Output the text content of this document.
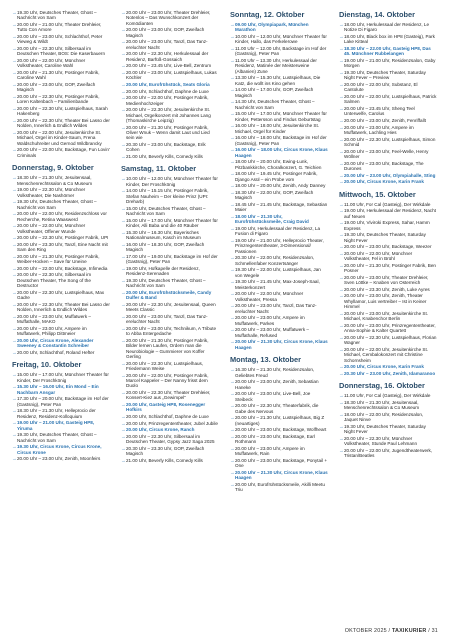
→ 19.30 Uhr, Deutsches Theater, Ghost – Nachricht von Sam
→ 20.00 Uhr – 21.00 Uhr, Theater Drehleier, Tutto Con Amore
→ 20.00 Uhr – 23.00 Uhr, Schlachthof, Peter Vieweg & Wildt
→ 20.00 Uhr – 22.30 Uhr, Silbersaal im Deutschen Theater, BOS: Die Kaserbauern
→ 20.00 Uhr – 22.00 Uhr, Münchner Volkstheater, Caroline Wahl
→ 20.00 Uhr – 21.30 Uhr, Postinger Fabrik, Caroline Wahl
→ 20.00 Uhr – 23.00 Uhr, GOP, Zweifach Magisch
→ 20.00 Uhr – 22.30 Uhr, Postinger Fabrik, Loren Kaltenbach – Familienbande
→ 20.00 Uhr – 22.30 Uhr, Lustspielhaus, Sarah Hakenberg
→ 20.00 Uhr – 22.30 Uhr, Theater Bei Lasso der Nolden, Innerlich & Endlich Wildes
→ 20.00 Uhr – 22.00 Uhr, Jesuitenkirche St. Michael, Orgel im Kinder-Saum, Frena Waldschuhreiter und Gernod Wildbrancky
→ 20.00 Uhr – 22.00 Uhr, Backstage, Fun Lovin' Criminals
Donnerstag, 9. Oktober
→ 18.30 Uhr – 21.30 Uhr, Jesuitensaal, Menschenrechtssalon & Co Museum
→ 19.00 Uhr – 22.30 Uhr, Münchner Volkstheater, Die Nashörner
→ 19.30 Uhr, Deutsches Theater, Ghost – Nachricht von Sam
→ 20.00 Uhr – 22.00 Uhr, Residenzschloss vor Recherche, Retina Waaswerd
→ 20.00 Uhr – 22.00 Uhr, Münchner Volkstheater, Offener Wunde
→ 20.00 Uhr – 22.30 Uhr, Postinger Fabrik, UPI
→ 20.00 Uhr – 23.30 Uhr, Tanzl, Eine Nacht mit Sam den Ring
→ 20.00 Uhr – 21.30 Uhr, Postinger Fabrik, Weiber-Hocken – Save für Uneine
→ 20.00 Uhr – 22.00 Uhr, Backstage, Infimedia
→ 20.00 Uhr – 22.30 Uhr, Silbersaal im Deutschen Theater, The Song of the Destructor
→ 20.00 Uhr – 22.30 Uhr, Lustspielhaus, Max Gadre
→ 20.00 Uhr – 22.30 Uhr, Theater Bei Lasso der Nolden, Innerlich & Endlich Wildes
→ 20.00 Uhr – 23.00 Uhr, Muffatwerk – Muffathalle, MAKO
→ 20.00 Uhr – 23.00 Uhr, Ampere im Muffatwerk, Philipp Dittmeier
→ 20.00 Uhr, Circus Krone, Alexander Sweeney & Constantin Schreiber
→ 20.00 Uhr, Schlachthof, Roland Hefter
Freitag, 10. Oktober
→ 15.00 Uhr – 17.00 Uhr, Münchner Theater für Kinder, Der Froschkönig
→ 15.30 Uhr – 16.00 Uhr, Ein Mond – Ein Nachbarn Ansgar
→ 17.30 Uhr – 20.00 Uhr, Backstage im Hof der (Gastsnig), Peter Pan
→ 18.30 Uhr – 21.30 Uhr, Helleprocio der Residenz, Residenz-Kolloquium
→ 19.00 Uhr – 21.00 Uhr, Gasteig HP8, Yiruma
→ 19.30 Uhr, Deutsches Theater, Ghost – Nachricht von Sam
→ 19.30 Uhr, Circus Krone, Circus Krone, Circus Krone
→ 20.00 Uhr – 23.00 Uhr, Zenith, Moonfeirs
→ 20.00 Uhr – 23.00 Uhr, Theater Drehleier, Notenlos – Das Wunschkonzert der Komödianten
→ 20.00 Uhr – 23.00 Uhr, GOP, Zweifach Magisch
→ 20.00 Uhr – 23.00 Uhr, Tanzl, Das Tanz-ereluchter Nacht
→ 20.00 Uhr – 22.30 Uhr, Herkulessaal der Residenz, Barfüß-Gossaich
→ 20.00 Uhr – 23.45 Uhr, Live-Bell, Zentrum
→ 20.00 Uhr – 23.00 Uhr, Lustspielhaus, Lukas Köchler
→ 20.00 Uhr, Eurofrühstück, Seats Gloria
→ 20.00 Uhr, Schlachthof, Daphne de Luxe
→ 20.00 Uhr – 22.00 Uhr, Postinger Fabrik, Medienhochzeiger
→ 20.00 Uhr – 22.30 Uhr, Jesuitenkirche St. Michael, Orgelkonzert mit Johannes Lang (Thomaskirche Leipzig)
→ 20.00 Uhr – 21.30 Uhr, Postinger Fabrik, Oliver Wnuk – Wenn damit Laut und Lied sein wie
→ 20.30 Uhr – 23.00 Uhr, Backstage, Erik Cohen
→ 21.00 Uhr, Beverly Kills, Comedy Kills
Samstag, 11. Oktober
→ 10.00 Uhr – 12.00 Uhr, Münchner Theater für Kinder, Der Froschkönig
→ 14.00 Uhr – 15.15 Uhr, Postinger Fabrik, Stefan Nauheim – Der kleine Prinz (UPI: Dreharb)
→ 15.00 Uhr, Deutsches Theater, Ghost – Nachricht von Sam
→ 15.00 Uhr – 17.00 Uhr, Münchner Theater für Kinder, Alli Baba und die 40 Räuber
→ 15.30 Uhr – 16.30 Uhr, Bayerisches Nationalmuseum, Kasch im Museum
→ 16.00 Uhr – 18.30 Uhr, GOP, Zweifach Magisch
→ 17.00 Uhr – 19.00 Uhr, Backstage im Hof der (Gastsnig), Peter Pan
→ 19.00 Uhr, Hofkapelle der Residenz, Residenz-Serenaden
→ 19.30 Uhr, Deutsches Theater, Ghost – Nachricht von Sam
→ 20.00 Uhr, Eurofrühstücksmeile, Candy Dulfer & Band
→ 20.00 Uhr – 22.30 Uhr, Jesuitensaal, Queen Meets Classic
→ 20.00 Uhr – 23.00 Uhr, Tanzl, Das Tanz-ereluchter Nacht
→ 20.00 Uhr – 23.00 Uhr, Technikum, A Tribute to Abba Entergedache
→ 20.00 Uhr – 21.30 Uhr, Postinger Fabrik, Bilder lernen Laufen, Ordern man die Neurobiologie – Gummierer von Koffer Gerling
→ 20.00 Uhr – 22.30 Uhr, Lustspielhaus, Friedemann Weise
→ 20.00 Uhr – 22.00 Uhr, Postinger Fabrik, Marcel Kappeler – Der Nanny frisst dem Duolo
→ 20.00 Uhr – 22.30 Uhr, Theater Drehleier, Konsert-Kiez aus „Gewimpel“
→ 20.00 Uhr, Gasteig HP8, Rosenegger Hofkirs
→ 20.00 Uhr, Schlachthof, Daphne de Luxe
→ 20.00 Uhr, Prinzregententheater, Jubel Jubile
→ 20.00 Uhr, Circus Krone, Ranch
→ 20.00 Uhr – 22.30 Uhr, Silbersaal im Deutschen Theater, Gypsy Jazz Saga 2025
→ 20.30 Uhr – 23.30 Uhr, GOP, Zweifach Magisch
→ 21.00 Uhr, Beverly Kills, Comedy Kills
Sonntag, 12. Oktober
→ 09.00 Uhr, Olympiapark, München Marathon
→ 10.00 Uhr – 12.00 Uhr, Münchner Theater für Kinder, Hallo, das Ferkelerowe
→ 11.00 Uhr – 12.00 Uhr, Backstage im Hof der (Gastsnig), Peter Pan
→ 11.00 Uhr – 13.30 Uhr, Herkulessaal der Residenz, Matinée der Meisterweine (Albanien) Zune
→ 13.30 Uhr – 15.30 Uhr, Lustspielhaus, Die Katz, die wollt ins Kino gehen
→ 14.00 Uhr – 17.00 Uhr, GOP, Zweifach Magisch
→ 14.30 Uhr, Deutsches Theater, Ghost – Nachricht von Sam
→ 15.00 Uhr – 17.00 Uhr, Münchner Theater für Kinder, Pettersson und Findus Geburtstag
→ 16.00 Uhr – 18.00 Uhr, Jesuitenkirche St. Michael, Orgel für Kinder
→ 16.00 Uhr – 18.00 Uhr, Backstage im Hof der (Gastsnig), Peter Pan
→ 16.00 Uhr – 18.00 Uhr, Circus Krone, Klaus Haagen
→ 18.00 Uhr – 20.00 Uhr, Ewing-Lunk, Pitzbankkirche, Choralkonzert, G. Teichien
→ 18.00 Uhr – 19.45 Uhr, Postinger Fabrik, Django Asül – ein Probe vom
→ 18.00 Uhr – 20.00 Uhr, Zenith, Andy Danney
→ 18.30 Uhr – 22.00 Uhr, GOP, Zweifach Magisch
→ 18.45 Uhr – 21.45 Uhr, Backstage, Sebastian Maier
→ 18.00 Uhr – 21.30 Uhr, Eurofrühstücksmeile, Craig David
→ 19.00 Uhr, Herkulessaal der Residenz, La Fusion di Figaro
→ 19.00 Uhr – 21.00 Uhr, Helleprocio Theater, Prinzregententheater, 3-Dimensional/ Passionen
→ 20.30 Uhr – 22.00 Uhr, Residenzsalon, Schmellenfaber Konzertsänger
→ 19.30 Uhr – 22.00 Uhr, Lustspielhaus, Jan von Wegele
→ 19.30 Uhr – 21.45 Uhr, Max-Joseph-Saal, Meisterkonzert
→ 20.00 Uhr – 22.00 Uhr, Münchner Volkstheater, Pressa
→ 20.00 Uhr – 23.00 Uhr, Tanzl, Das Tanz-ereluchter Nacht
→ 20.00 Uhr – 23.00 Uhr, Ampere im Muffatwerk, Parkes
→ 20.00 Uhr – 23.00 Uhr, Muffatwerk – Muffathalle, Refused
→ 20.00 Uhr – 21.30 Uhr, Circus Krone, Klaus Haagen
Montag, 13. Oktober
→ 16.30 Uhr – 21.30 Uhr, Residenzsalon, Geliebtes Freud
→ 20.00 Uhr – 23.00 Uhr, Zenith, Sebastian Haneke
→ 20.00 Uhr – 23.00 Uhr, Live-Bell, Joe Steibeck
→ 20.00 Uhr – 22.30 Uhr, Theaterfabrik, die Gabe des Nervous
→ 20.00 Uhr – 21.30 Uhr, Lustspielhaus, Big Z (neuartiges)
→ 20.00 Uhr – 23.00 Uhr, Backstage, Wolfheart
→ 20.00 Uhr – 23.00 Uhr, Backstage, Earl Rothmann
→ 20.00 Uhr – 23.00 Uhr, Ampere im Muffatwerk, Rain
→ 20.00 Uhr – 23.00 Uhr, Backstage, Ponytail + One
→ 20.00 Uhr – 21.30 Uhr, Circus Krone, Klaus Haagen
→ 20.00 Uhr, Eurofrühstücksmeile, Akilli Meetu Triu
Dienstag, 14. Oktober
→ 18.00 Uhr, Herkulessaal der Residenz, Le Notize Di Figaro
→ 18.00 Uhr, Black box im HP8 (Gasteig), Park Lake Kitteal
→ 18.30 Uhr – 22.00 Uhr, Gasteig HP8, Das 45. Münchner Rubbelangen
→ 19.00 Uhr – 21.00 Uhr, Residenzsalon, Gaby Morgen
→ 19.30 Uhr, Deutsches Theater, Saturday Night Fever – Preview
→ 20.00 Uhr – 22.00 Uhr, Substanz, El Cantolute
→ 20.00 Uhr – 22.00 Uhr, Lustspielhaus, Patrick Salmen
→ 20.00 Uhr – 23.45 Uhr, Sheng Teel Unterwelfe, Carolus
→ 20.00 Uhr – 23.00 Uhr, Zenith, Fenriffallt
→ 20.00 Uhr – 23.00 Uhr, Ampere im Muffatwerk, Lachling Hies
→ 20.00 Uhr – 22.30 Uhr, Lustspielhaus, Simon Schmid
→ 20.00 Uhr – 23.00 Uhr, Feel-Welle, Henry Wöllner
→ 20.00 Uhr – 23.00 Uhr, Backstage, The Durones
→ 20.00 Uhr – 23.00 Uhr, Olympiahalle, Sting
→ 20.00 Uhr, Circus Krone, Karin Frank
Mittwoch, 15. Oktober
→ 11.00 Uhr, For Cal (Gasteig), Der Wirkdale
→ 19.00 Uhr, Herkulessaal der Residenz, Nacht auf Neuen
→ 19.00 Uhr, Viviroki Express, Sahar, Hamm Express
→ 19.30 Uhr, Deutsches Theater, Saturday Night Fever
→ 20.00 Uhr – 23.00 Uhr, Backstage, Weezer
→ 20.00 Uhr – 22.00 Uhr, Münchner Volkstheater, Fel in Brühl
→ 20.00 Uhr – 21.30 Uhr, Postinger Fabrik, Ben Posner
→ 20.00 Uhr – 23.00 Uhr, Theater Drehleier, Sven Löttke – Knaben von Osterreich
→ 20.00 Uhr – 23.30 Uhr, Zenith, Luke Ayres
→ 20.00 Uhr – 23.00 Uhr, Zenith, Theater Whyllamor, Luis vertreiber – Ist in Keiner Himmel
→ 20.00 Uhr – 23.00 Uhr, Jesuitenkirche St. Michael, Knabenchor Berlin
→ 20.00 Uhr – 23.00 Uhr, Prinzregententheater, Anna-Sophie & Kalter Quartett
→ 20.00 Uhr – 22.30 Uhr, Lustspielhaus, Florian Wagner
→ 20.00 Uhr – 22.00 Uhr, Jesuitenkirche St. Michael, Cembalokonzert mit Christine Schornsheim
→ 20.00 Uhr, Circus Krone, Karin Frank
→ 20.30 Uhr – 23.00 Uhr, Zenith, Idamaranoo
Donnerstag, 16. Oktober
→ 11.00 Uhr, For Cal (Gasteig), Der Wirkdale
→ 18.30 Uhr – 21.30 Uhr, Jesuitensaal, Menschenrechtssalon & Co Museum
→ 18.00 Uhr – 22.00 Uhr, Residenzsalon, Jaquet Ninve
→ 19.30 Uhr, Deutsches Theater, Saturday Night Fever
→ 20.00 Uhr – 22.30 Uhr, Münchner Volkstheater, Stunde Paul Lehmann
→ 20.00 Uhr – 22.00 Uhr, Jugendtheaterwerk, Tristan/Beatles
OKTOBER 2025 / TAXIKURIER / 31
